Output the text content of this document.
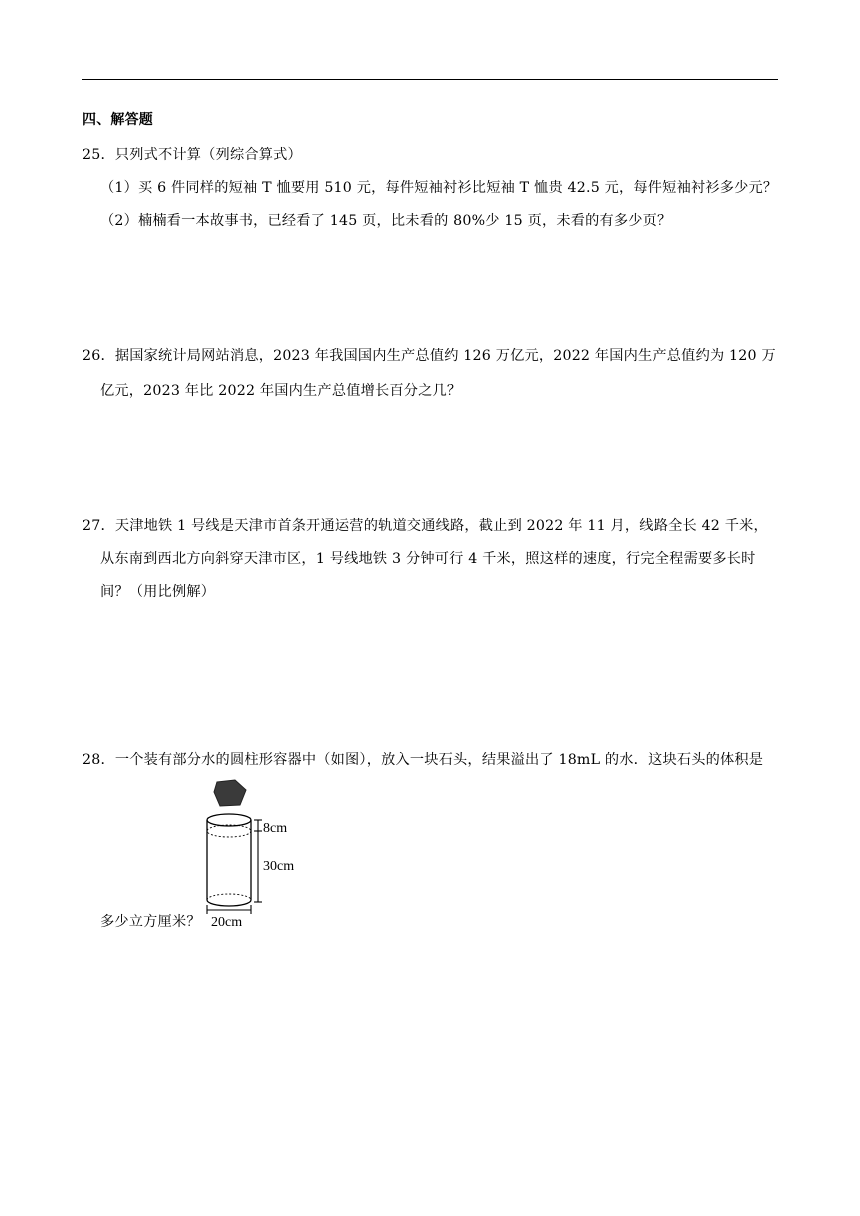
四、解答题
25．只列式不计算（列综合算式）
（1）买 6 件同样的短袖 T 恤要用 510 元，每件短袖衬衫比短袖 T 恤贵 42.5 元，每件短袖衬衫多少元？
（2）楠楠看一本故事书，已经看了 145 页，比未看的 80%少 15 页，未看的有多少页？
26．据国家统计局网站消息，2023 年我国国内生产总值约 126 万亿元，2022 年国内生产总值约为 120 万
亿元，2023 年比 2022 年国内生产总值增长百分之几？
27．天津地铁 1 号线是天津市首条开通运营的轨道交通线路，截止到 2022 年 11 月，线路全长 42 千米，
从东南到西北方向斜穿天津市区，1 号线地铁 3 分钟可行 4 千米，照这样的速度，行完全程需要多长时
间？（用比例解）
28．一个装有部分水的圆柱形容器中（如图），放入一块石头，结果溢出了 18mL 的水．这块石头的体积是
多少立方厘米？
8cm
30cm
20cm
